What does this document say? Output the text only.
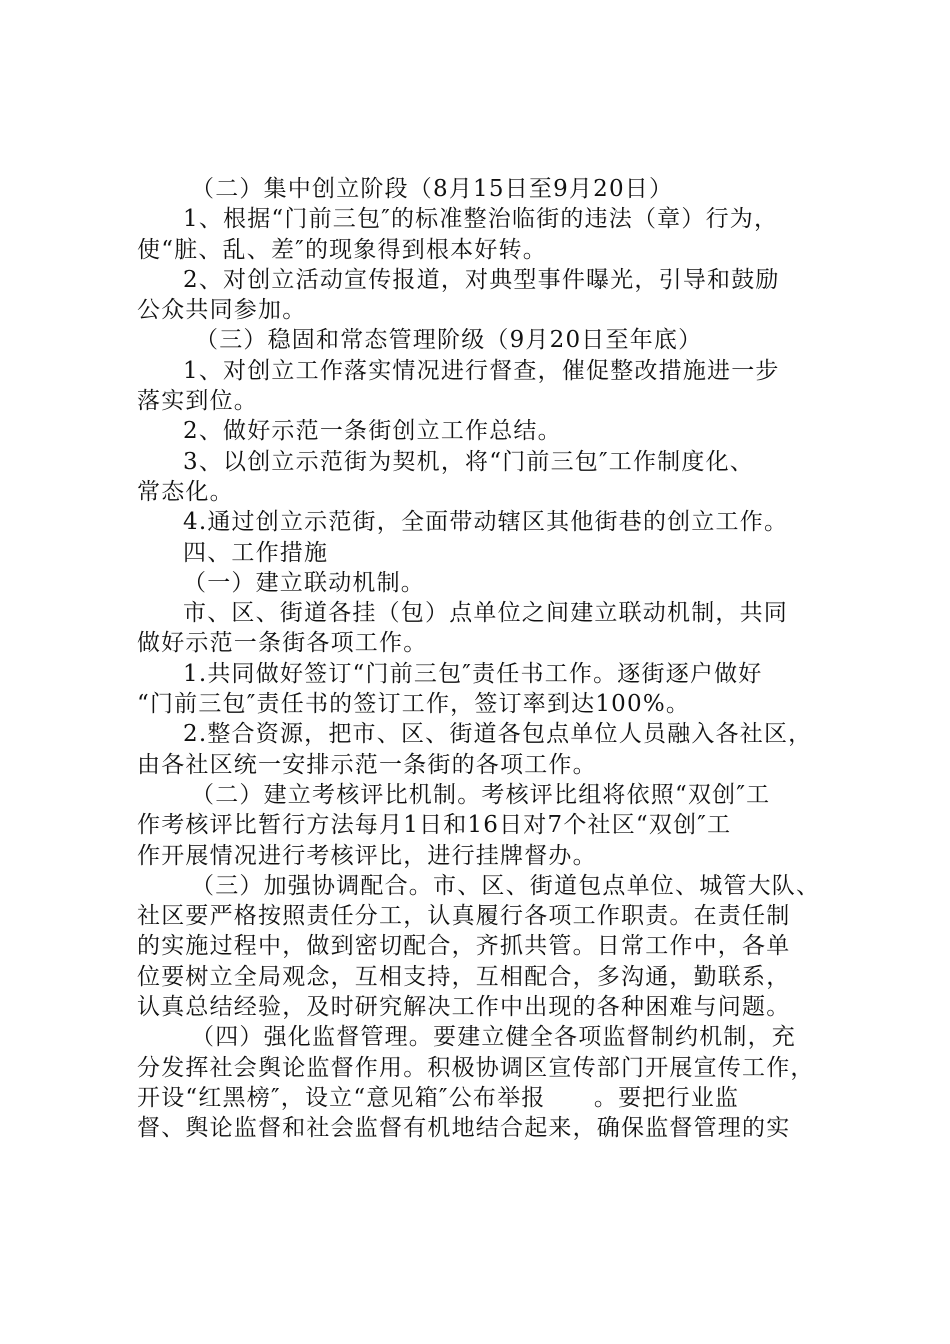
（二）集中创立阶段（8月15日至9月20日）
1、根据“门前三包″的标准整治临街的违法（章）行为，
使“脏、乱、差″的现象得到根本好转。
2、对创立活动宣传报道，对典型事件曝光，引导和鼓励
公众共同参加。
（三）稳固和常态管理阶级（9月20日至年底）
1、对创立工作落实情况进行督查，催促整改措施进一步
落实到位。
2、做好示范一条街创立工作总结。
3、以创立示范街为契机，将“门前三包″工作制度化、
常态化。
4.通过创立示范街，全面带动辖区其他街巷的创立工作。
四、工作措施
（一）建立联动机制。
市、区、街道各挂（包）点单位之间建立联动机制，共同
做好示范一条街各项工作。
1.共同做好签订“门前三包″责任书工作。逐街逐户做好
“门前三包″责任书的签订工作，签订率到达100%。
2.整合资源，把市、区、街道各包点单位人员融入各社区，
由各社区统一安排示范一条街的各项工作。
（二）建立考核评比机制。考核评比组将依照“双创″工
作考核评比暂行方法每月1日和16日对7个社区“双创″工
作开展情况进行考核评比，进行挂牌督办。
（三）加强协调配合。市、区、街道包点单位、城管大队、
社区要严格按照责任分工，认真履行各项工作职责。在责任制
的实施过程中，做到密切配合，齐抓共管。日常工作中，各单
位要树立全局观念，互相支持，互相配合，多沟通，勤联系，
认真总结经验，及时研究解决工作中出现的各种困难与问题。
（四）强化监督管理。要建立健全各项监督制约机制，充
分发挥社会舆论监督作用。积极协调区宣传部门开展宣传工作，
开设“红黑榜″，设立“意见箱″公布举报　　。要把行业监
督、舆论监督和社会监督有机地结合起来，确保监督管理的实
